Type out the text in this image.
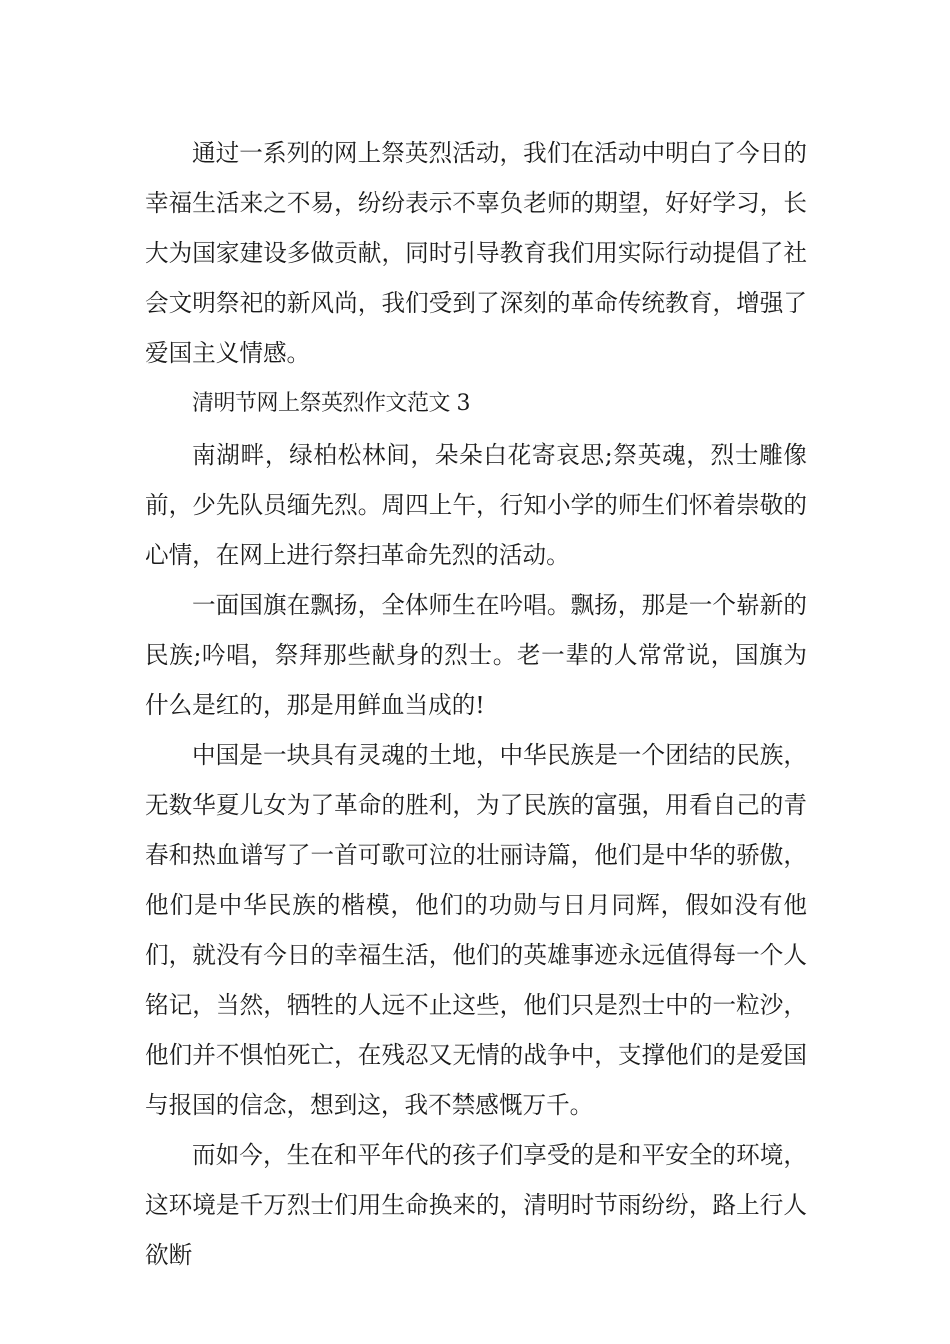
通过一系列的网上祭英烈活动，我们在活动中明白了今日的幸福生活来之不易，纷纷表示不辜负老师的期望，好好学习，长大为国家建设多做贡献，同时引导教育我们用实际行动提倡了社会文明祭祀的新风尚，我们受到了深刻的革命传统教育，增强了爱国主义情感。

清明节网上祭英烈作文范文 3

南湖畔，绿柏松林间，朵朵白花寄哀思;祭英魂，烈士雕像前，少先队员缅先烈。周四上午，行知小学的师生们怀着崇敬的心情，在网上进行祭扫革命先烈的活动。

一面国旗在飘扬，全体师生在吟唱。飘扬，那是一个崭新的民族;吟唱，祭拜那些献身的烈士。老一辈的人常常说，国旗为什么是红的，那是用鲜血当成的!

中国是一块具有灵魂的土地，中华民族是一个团结的民族，无数华夏儿女为了革命的胜利，为了民族的富强，用看自己的青春和热血谱写了一首可歌可泣的壮丽诗篇，他们是中华的骄傲，他们是中华民族的楷模，他们的功勋与日月同辉，假如没有他们，就没有今日的幸福生活，他们的英雄事迹永远值得每一个人铭记，当然，牺牲的人远不止这些，他们只是烈士中的一粒沙，他们并不惧怕死亡，在残忍又无情的战争中，支撑他们的是爱国与报国的信念，想到这，我不禁感慨万千。

而如今，生在和平年代的孩子们享受的是和平安全的环境，这环境是千万烈士们用生命换来的，清明时节雨纷纷，路上行人欲断
